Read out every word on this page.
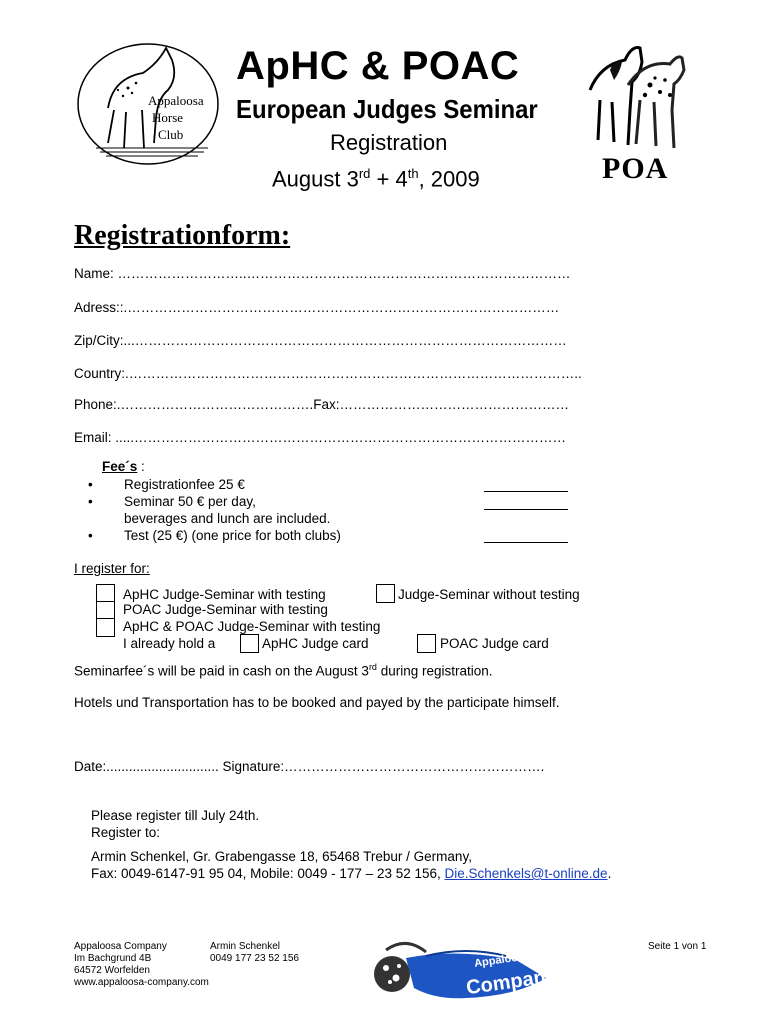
Appaloosa
Horse
Club
POA
ApHC & POAC
European Judges Seminar
Registration
August 3rd + 4th, 2009
Registrationform:
Name: ………………………..………………………………………………………………
Adress::.……………………………………………………………………………………
Zip/City:...……………………………………………………………………………………
Country:.………………………………………………………………………………………..
Phone:.…………………………………….Fax:……………………………………………
Email: .....……………………………………………………………………………………
Fee´s :
• Registrationfee 25 €
• Seminar 50 € per day,
beverages and lunch are included.
• Test (25 €) (one price for both clubs)
I register for:
ApHC Judge-Seminar with testing	Judge-Seminar without testing
POAC Judge-Seminar with testing
ApHC & POAC Judge-Seminar with testing
I already hold a	ApHC Judge card	POAC Judge card
Seminarfee´s will be paid in cash on the August 3rd during registration.
Hotels und Transportation has to be booked and payed by the participate himself.
Date:.............................. Signature:………………………………………………….
Please register till July 24th.
Register to:
Armin Schenkel, Gr. Grabengasse 18, 65468 Trebur / Germany,
Fax: 0049-6147-91 95 04, Mobile: 0049 - 177 – 23 52 156, Die.Schenkels@t-online.de.
Appaloosa Company
Im Bachgrund 4B
64572 Worfelden
www.appaloosa-company.com
Armin Schenkel
0049 177 23 52 156	Appaloosa
Company
Seite 1 von 1
